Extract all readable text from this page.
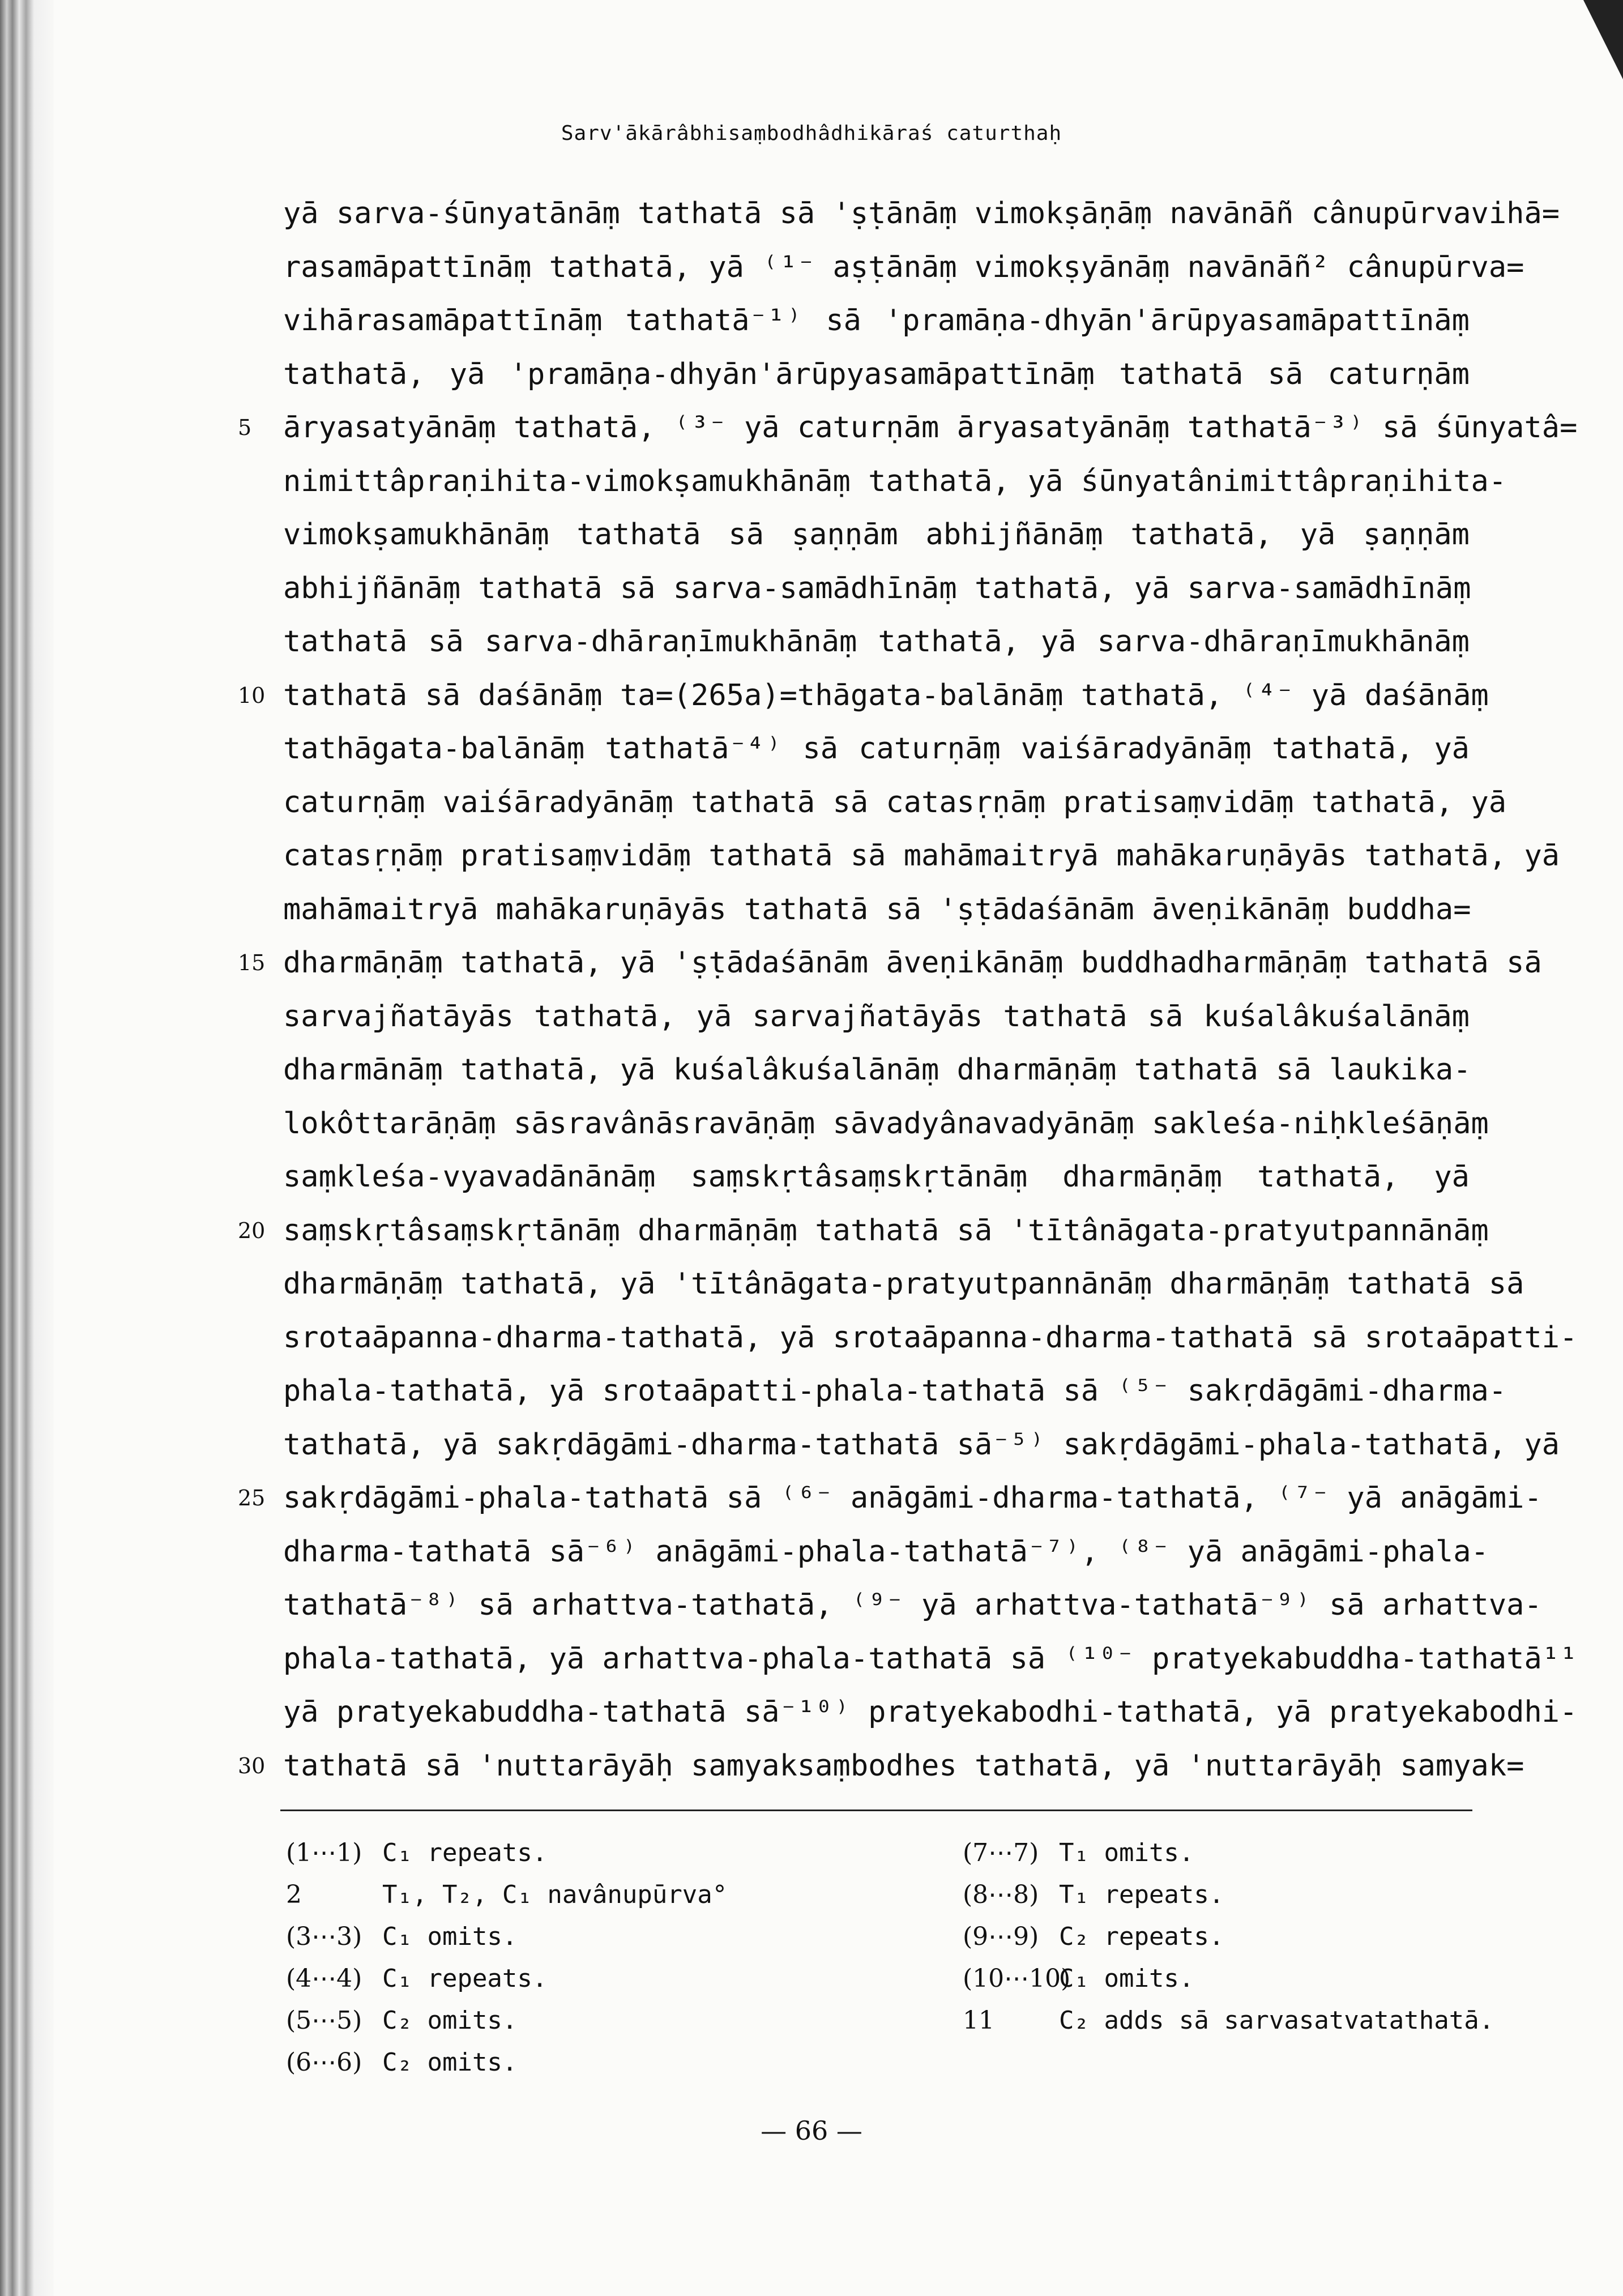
Sarv'ākārâbhisaṃbodhâdhikāraś caturthaḥ
yā sarva-śūnyatānāṃ tathatā sā 'ṣṭānāṃ vimokṣāṇāṃ navānāñ cânupūrvavihā=
rasamāpattīnāṃ tathatā, yā ⁽¹⁻ aṣṭānāṃ vimokṣyānāṃ navānāñ² cânupūrva=
vihārasamāpattīnāṃ tathatā⁻¹⁾ sā 'pramāṇa-dhyān'ārūpyasamāpattīnāṃ
tathatā, yā 'pramāṇa-dhyān'ārūpyasamāpattīnāṃ tathatā sā caturṇām
5	āryasatyānāṃ tathatā, ⁽³⁻ yā caturṇām āryasatyānāṃ tathatā⁻³⁾ sā śūnyatâ=
nimittâpraṇihita-vimokṣamukhānāṃ tathatā, yā śūnyatânimittâpraṇihita-
vimokṣamukhānāṃ tathatā sā ṣaṇṇām abhijñānāṃ tathatā, yā ṣaṇṇām
abhijñānāṃ tathatā sā sarva-samādhīnāṃ tathatā, yā sarva-samādhīnāṃ
tathatā sā sarva-dhāraṇīmukhānāṃ tathatā, yā sarva-dhāraṇīmukhānāṃ
10 tathatā sā daśānāṃ ta=(265a)=thāgata-balānāṃ tathatā, ⁽⁴⁻ yā daśānāṃ
tathāgata-balānāṃ tathatā⁻⁴⁾ sā caturṇāṃ vaiśāradyānāṃ tathatā, yā
caturṇāṃ vaiśāradyānāṃ tathatā sā catasṛṇāṃ pratisaṃvidāṃ tathatā, yā
catasṛṇāṃ pratisaṃvidāṃ tathatā sā mahāmaitryā mahākaruṇāyās tathatā, yā
mahāmaitryā mahākaruṇāyās tathatā sā 'ṣṭādaśānām āveṇikānāṃ buddha=
15 dharmāṇāṃ tathatā, yā 'ṣṭādaśānām āveṇikānāṃ buddhadharmāṇāṃ tathatā sā
sarvajñatāyās tathatā, yā sarvajñatāyās tathatā sā kuśalâkuśalānāṃ
dharmānāṃ tathatā, yā kuśalâkuśalānāṃ dharmāṇāṃ tathatā sā laukika-
lokôttarāṇāṃ sāsravânāsravāṇāṃ sāvadyânavadyānāṃ sakleśa-niḥkleśāṇāṃ
saṃkleśa-vyavadānānāṃ saṃskṛtâsaṃskṛtānāṃ dharmāṇāṃ tathatā, yā
20 saṃskṛtâsaṃskṛtānāṃ dharmāṇāṃ tathatā sā 'tītânāgata-pratyutpannānāṃ
dharmāṇāṃ tathatā, yā 'tītânāgata-pratyutpannānāṃ dharmāṇāṃ tathatā sā
srotaāpanna-dharma-tathatā, yā srotaāpanna-dharma-tathatā sā srotaāpatti-
phala-tathatā, yā srotaāpatti-phala-tathatā sā ⁽⁵⁻ sakṛdāgāmi-dharma-
tathatā, yā sakṛdāgāmi-dharma-tathatā sā⁻⁵⁾ sakṛdāgāmi-phala-tathatā, yā
25 sakṛdāgāmi-phala-tathatā sā ⁽⁶⁻ anāgāmi-dharma-tathatā, ⁽⁷⁻ yā anāgāmi-
dharma-tathatā sā⁻⁶⁾ anāgāmi-phala-tathatā⁻⁷⁾, ⁽⁸⁻ yā anāgāmi-phala-
tathatā⁻⁸⁾ sā arhattva-tathatā, ⁽⁹⁻ yā arhattva-tathatā⁻⁹⁾ sā arhattva-
phala-tathatā, yā arhattva-phala-tathatā sā ⁽¹⁰⁻ pratyekabuddha-tathatā¹¹
yā pratyekabuddha-tathatā sā⁻¹⁰⁾ pratyekabodhi-tathatā, yā pratyekabodhi-
30 tathatā sā 'nuttarāyāḥ samyaksaṃbodhes tathatā, yā 'nuttarāyāḥ samyak=
(1⋯1) C₁ repeats.
2	T₁, T₂, C₁ navânupūrva°
(3⋯3) C₁ omits.
(4⋯4) C₁ repeats.
(5⋯5) C₂ omits.
(6⋯6) C₂ omits.
(7⋯7) T₁ omits.
(8⋯8) T₁ repeats.
(9⋯9) C₂ repeats.
(10⋯10)C₁ omits.
11	C₂ adds sā sarvasatvatathatā.
— 66 —
